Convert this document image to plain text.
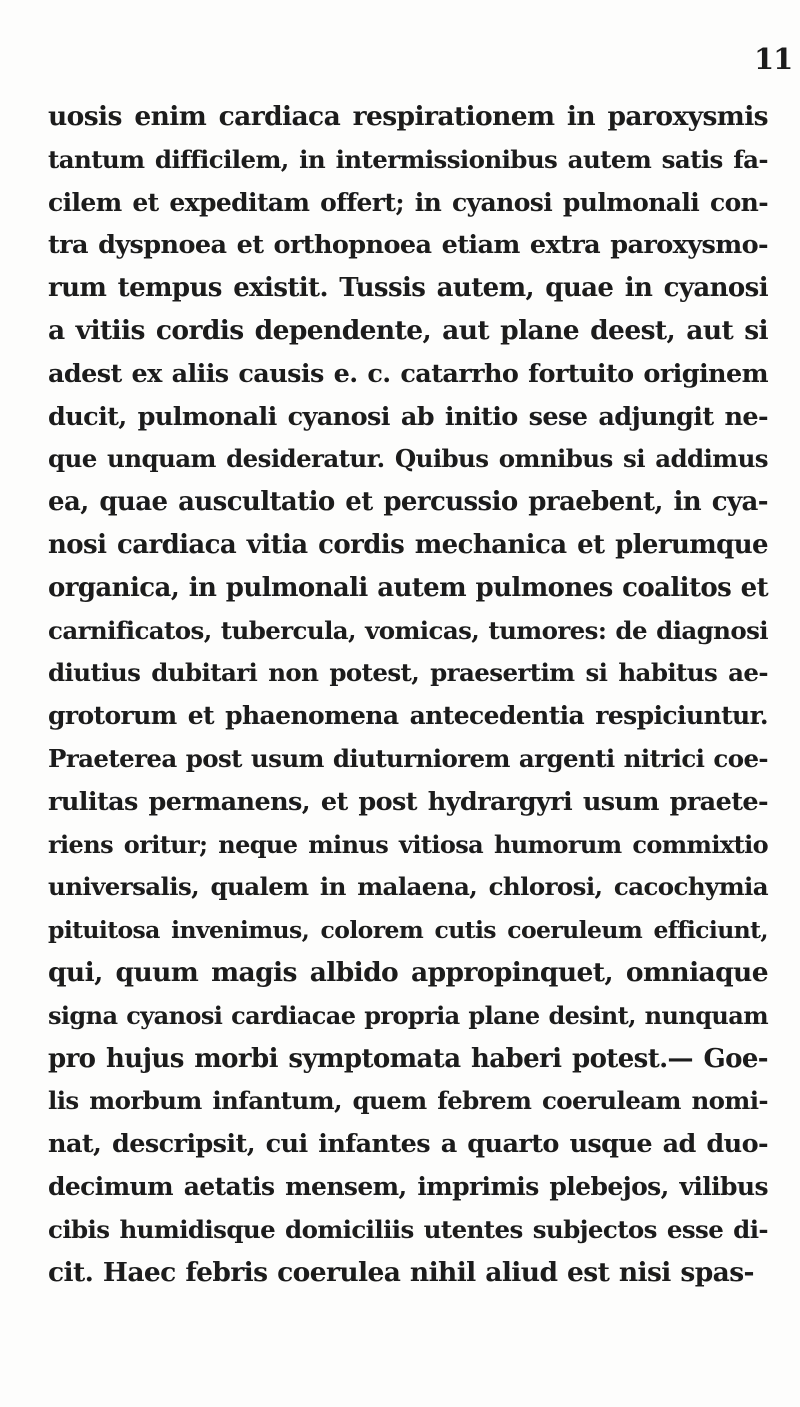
11
uosis enim cardiaca respirationem in paroxysmis
tantum difficilem, in intermissionibus autem satis fa-
cilem et expeditam offert; in cyanosi pulmonali con-
tra dyspnoea et orthopnoea etiam extra paroxysmo-
rum tempus existit. Tussis autem, quae in cyanosi
a vitiis cordis dependente, aut plane deest, aut si
adest ex aliis causis e. c. catarrho fortuito originem
ducit, pulmonali cyanosi ab initio sese adjungit ne-
que unquam desideratur. Quibus omnibus si addimus
ea, quae auscultatio et percussio praebent, in cya-
nosi cardiaca vitia cordis mechanica et plerumque
organica, in pulmonali autem pulmones coalitos et
carnificatos, tubercula, vomicas, tumores: de diagnosi
diutius dubitari non potest, praesertim si habitus ae-
grotorum et phaenomena antecedentia respiciuntur.
Praeterea post usum diuturniorem argenti nitrici coe-
rulitas permanens, et post hydrargyri usum praete-
riens oritur; neque minus vitiosa humorum commixtio
universalis, qualem in malaena, chlorosi, cacochymia
pituitosa invenimus, colorem cutis coeruleum efficiunt,
qui, quum magis albido appropinquet, omniaque
signa cyanosi cardiacae propria plane desint, nunquam
pro hujus morbi symptomata haberi potest.— Goe-
lis morbum infantum, quem febrem coeruleam nomi-
nat, descripsit, cui infantes a quarto usque ad duo-
decimum aetatis mensem, imprimis plebejos, vilibus
cibis humidisque domiciliis utentes subjectos esse di-
cit. Haec febris coerulea nihil aliud est nisi spas-
